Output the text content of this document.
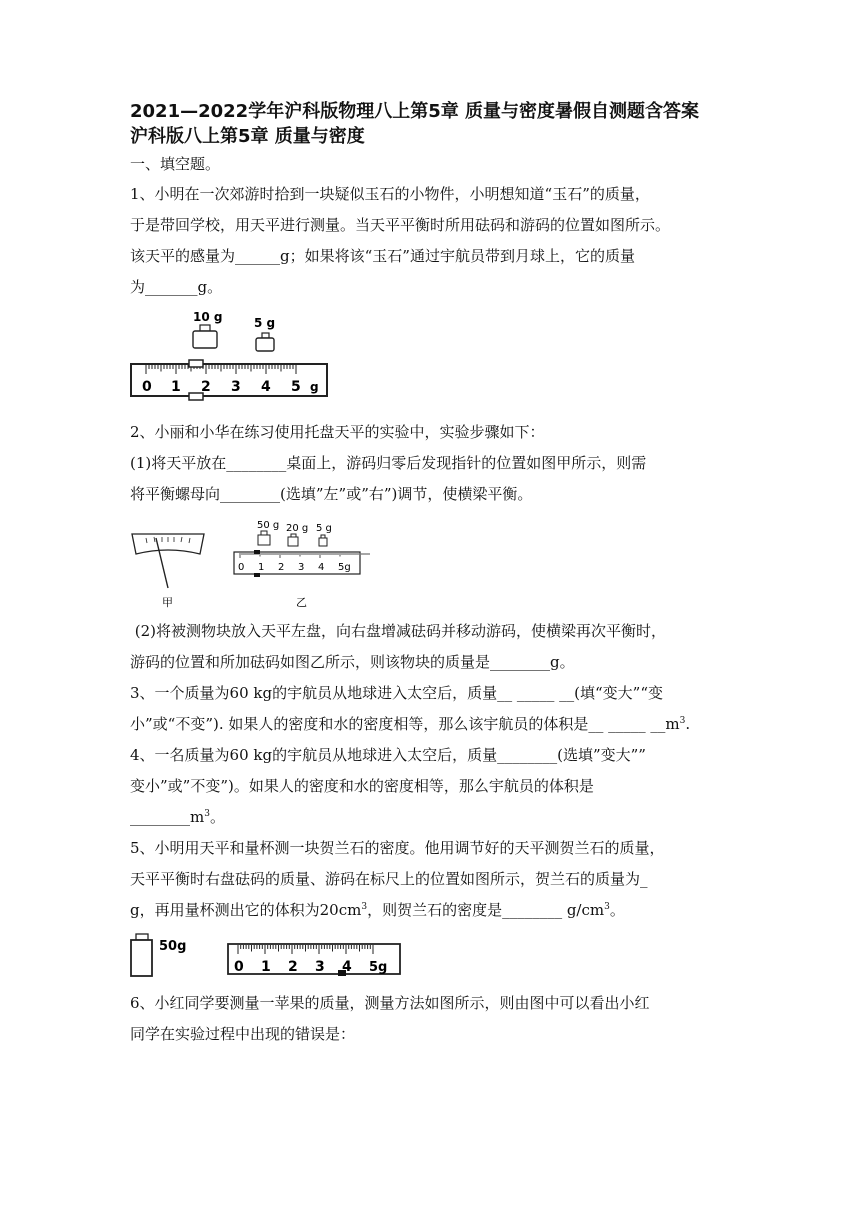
2021—2022学年沪科版物理八上第5章 质量与密度暑假自测题含答案

沪科版八上第5章 质量与密度

一、填空题。

1、小明在一次郊游时拾到一块疑似玉石的小物件，小明想知道“玉石”的质量，

于是带回学校，用天平进行测量。当天平平衡时所用砝码和游码的位置如图所示。

该天平的感量为______g；如果将该“玉石”通过宇航员带到月球上，它的质量

为_______g。

10 g	5 g
0 1 2 3 4 5 g

2、小丽和小华在练习使用托盘天平的实验中，实验步骤如下：

(1)将天平放在________桌面上，游码归零后发现指针的位置如图甲所示，则需

将平衡螺母向________(选填”左”或”右”)调节，使横梁平衡。

甲
50 g 20 g 5 g
0 1 2 3 4 5g
乙

(2)将被测物块放入天平左盘，向右盘增减砝码并移动游码，使横梁再次平衡时，

游码的位置和所加砝码如图乙所示，则该物块的质量是________g。

3、一个质量为60 kg的宇航员从地球进入太空后，质量__ _____ __(填“变大”“变

小”或“不变”). 如果人的密度和水的密度相等，那么该宇航员的体积是__ _____ $\_\_m^3$.

4、一名质量为60 kg的宇航员从地球进入太空后，质量________(选填”变大””

变小”或”不变”)。如果人的密度和水的密度相等，那么宇航员的体积是

$\_\_\_\_\_\_\_\_m^3$。

5、小明用天平和量杯测一块贺兰石的密度。他用调节好的天平测贺兰石的质量，

天平平衡时右盘砝码的质量、游码在标尺上的位置如图所示，贺兰石的质量为_

g，再用量杯测出它的体积为$20cm^3$，则贺兰石的密度是________ $g/cm^3$。

50g
0 1 2 3 4 5g

6、小红同学要测量一苹果的质量，测量方法如图所示，则由图中可以看出小红

同学在实验过程中出现的错误是：
